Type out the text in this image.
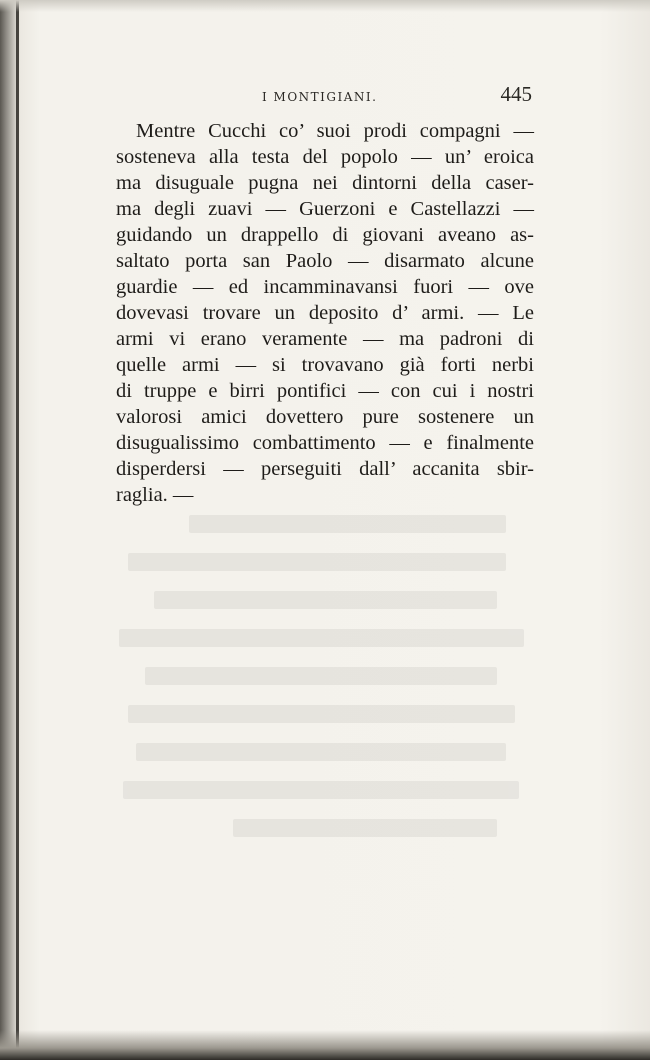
I MONTIGIANI.	445
Mentre Cucchi co’ suoi prodi compagni —
sosteneva alla testa del popolo — un’ eroica
ma disuguale pugna nei dintorni della caser-
ma degli zuavi — Guerzoni e Castellazzi —
guidando un drappello di giovani aveano as-
saltato porta san Paolo — disarmato alcune
guardie — ed incamminavansi fuori — ove
dovevasi trovare un deposito d’ armi. — Le
armi vi erano veramente — ma padroni di
quelle armi — si trovavano già forti nerbi
di truppe e birri pontifici — con cui i nostri
valorosi amici dovettero pure sostenere un
disugualissimo combattimento — e finalmente
disperdersi — perseguiti dall’ accanita sbir-
raglia. —
